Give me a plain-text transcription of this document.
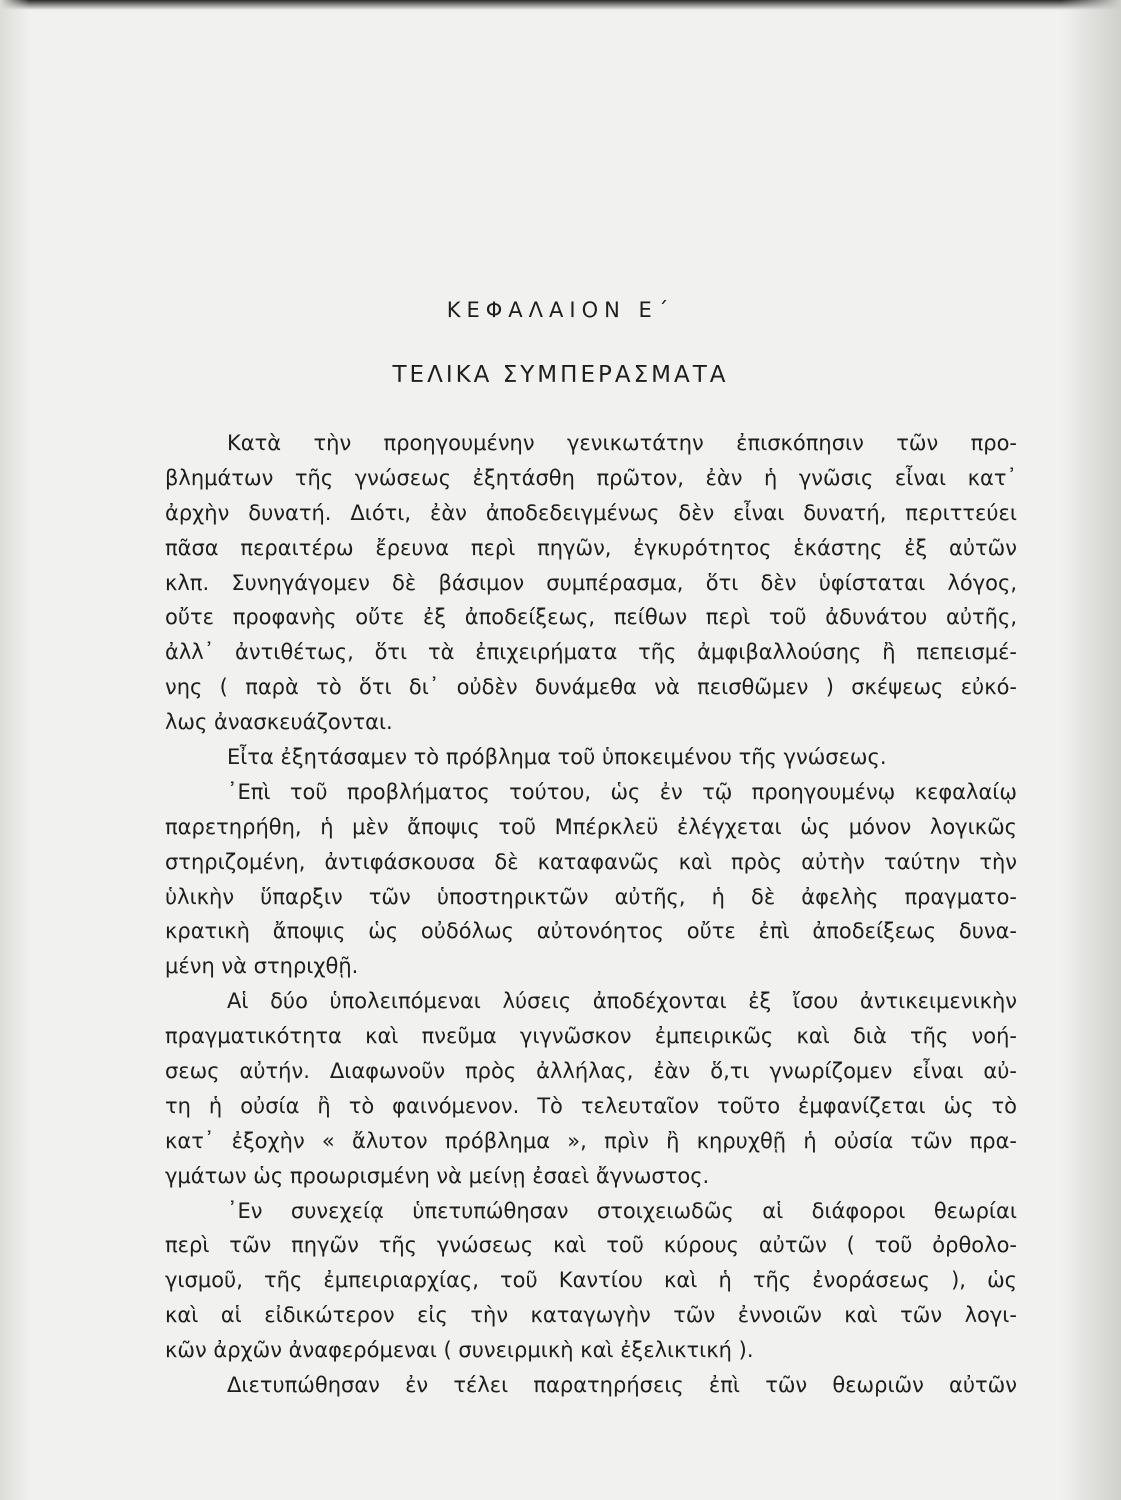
ΚΕΦΑΛΑΙΟΝ Ε΄
ΤΕΛΙΚΑ ΣΥΜΠΕΡΑΣΜΑΤΑ
Κατὰ τὴν προηγουμένην γενικωτάτην ἐπισκόπησιν τῶν προ-
βλημάτων τῆς γνώσεως ἐξητάσθη πρῶτον, ἐὰν ἡ γνῶσις εἶναι κατ᾿
ἀρχὴν δυνατή. Διότι, ἐὰν ἀποδεδειγμένως δὲν εἶναι δυνατή, περιττεύει
πᾶσα περαιτέρω ἔρευνα περὶ πηγῶν, ἐγκυρότητος ἑκάστης ἐξ αὐτῶν
κλπ. Συνηγάγομεν δὲ βάσιμον συμπέρασμα, ὅτι δὲν ὑφίσταται λόγος,
οὔτε προφανὴς οὔτε ἐξ ἀποδείξεως, πείθων περὶ τοῦ ἀδυνάτου αὐτῆς,
ἀλλ᾿ ἀντιθέτως, ὅτι τὰ ἐπιχειρήματα τῆς ἀμφιβαλλούσης ἢ πεπεισμέ-
νης ( παρὰ τὸ ὅτι δι᾿ οὐδὲν δυνάμεθα νὰ πεισθῶμεν ) σκέψεως εὐκό-
λως ἀνασκευάζονται.
Εἶτα ἐξητάσαμεν τὸ πρόβλημα τοῦ ὑποκειμένου τῆς γνώσεως.
᾿Επὶ τοῦ προβλήματος τούτου, ὡς ἐν τῷ προηγουμένῳ κεφαλαίῳ
παρετηρήθη, ἡ μὲν ἄποψις τοῦ Μπέρκλεϋ ἐλέγχεται ὡς μόνον λογικῶς
στηριζομένη, ἀντιφάσκουσα δὲ καταφανῶς καὶ πρὸς αὐτὴν ταύτην τὴν
ὑλικὴν ὕπαρξιν τῶν ὑποστηρικτῶν αὐτῆς, ἡ δὲ ἀφελὴς πραγματο-
κρατικὴ ἄποψις ὡς οὐδόλως αὐτονόητος οὔτε ἐπὶ ἀποδείξεως δυνα-
μένη νὰ στηριχθῇ.
Αἱ δύο ὑπολειπόμεναι λύσεις ἀποδέχονται ἐξ ἴσου ἀντικειμενικὴν
πραγματικότητα καὶ πνεῦμα γιγνῶσκον ἐμπειρικῶς καὶ διὰ τῆς νοή-
σεως αὐτήν. Διαφωνοῦν πρὸς ἀλλήλας, ἐὰν ὅ,τι γνωρίζομεν εἶναι αὐ-
τη ἡ οὐσία ἢ τὸ φαινόμενον. Τὸ τελευταῖον τοῦτο ἐμφανίζεται ὡς τὸ
κατ᾿ ἐξοχὴν « ἄλυτον πρόβλημα », πρὶν ἢ κηρυχθῇ ἡ οὐσία τῶν πρα-
γμάτων ὡς προωρισμένη νὰ μείνῃ ἐσαεὶ ἄγνωστος.
᾿Εν συνεχείᾳ ὑπετυπώθησαν στοιχειωδῶς αἱ διάφοροι θεωρίαι
περὶ τῶν πηγῶν τῆς γνώσεως καὶ τοῦ κύρους αὐτῶν ( τοῦ ὀρθολο-
γισμοῦ, τῆς ἐμπειριαρχίας, τοῦ Καντίου καὶ ἡ τῆς ἐνοράσεως ), ὡς
καὶ αἱ εἰδικώτερον εἰς τὴν καταγωγὴν τῶν ἐννοιῶν καὶ τῶν λογι-
κῶν ἀρχῶν ἀναφερόμεναι ( συνειρμικὴ καὶ ἐξελικτική ).
Διετυπώθησαν ἐν τέλει παρατηρήσεις ἐπὶ τῶν θεωριῶν αὐτῶν
